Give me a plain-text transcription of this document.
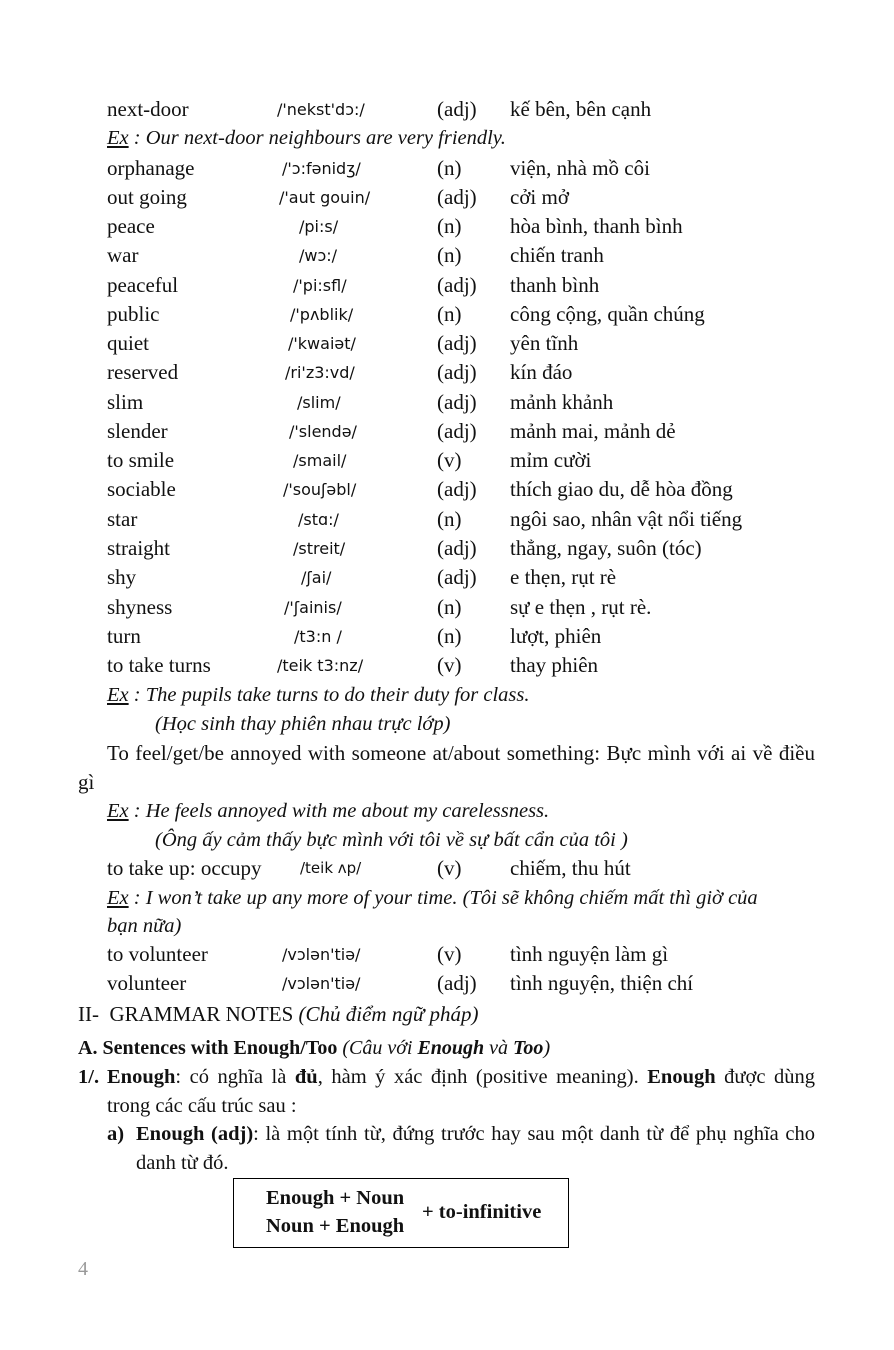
next-door	/'nekst'dɔ:/	(adj) kế bên, bên cạnh
orphanage	/'ɔ:fənidʒ/	(n) viện, nhà mồ côi
out going	/'aut gouin/	(adj) cởi mở
peace	/pi:s/	(n) hòa bình, thanh bình
war	/wɔ:/	(n) chiến tranh
peaceful	/'pi:sfl/	(adj) thanh bình
public	/'pʌblik/	(n) công cộng, quần chúng
quiet	/'kwaiət/	(adj) yên tĩnh
reserved	/ri'z3:vd/	(adj) kín đáo
slim	/slim/	(adj) mảnh khảnh
slender	/'slendə/	(adj) mảnh mai, mảnh dẻ
to smile	/smail/	(v) mỉm cười
sociable	/'souʃəbl/	(adj) thích giao du, dễ hòa đồng
star	/stɑ:/	(n) ngôi sao, nhân vật nổi tiếng
straight	/streit/	(adj) thẳng, ngay, suôn (tóc)
shy	/ʃai/	(adj) e thẹn, rụt rè
shyness	/'ʃainis/	(n) sự e thẹn , rụt rè.
turn	/t3:n /	(n) lượt, phiên
to take turns	/teik t3:nz/	(v) thay phiên
Ex : Our next-door neighbours are very friendly.
Ex : The pupils take turns to do their duty for class.
(Học sinh thay phiên nhau trực lớp)
To feel/get/be annoyed with someone at/about something: Bực mình với ai về điều gì
Ex : He feels annoyed with me about my carelessness.
(Ông ấy cảm thấy bực mình với tôi về sự bất cẩn của tôi )
Ex : I won’t take up any more of your time. (Tôi sẽ không chiếm mất thì giờ của
bạn nữa)
to take up: occupy	/teik ʌp/	(v) chiếm, thu hút
to volunteer	/vɔlən'tiə/	(v) tình nguyện làm gì
volunteer	/vɔlən'tiə/	(adj) tình nguyện, thiện chí
II- GRAMMAR NOTES (Chủ điểm ngữ pháp)
A. Sentences with Enough/Too (Câu với Enough và Too)
1/. Enough: có nghĩa là đủ, hàm ý xác định (positive meaning). Enough được dùng trong các cấu trúc sau :
a) Enough (adj): là một tính từ, đứng trước hay sau một danh từ để phụ nghĩa cho danh từ đó.
Enough + Noun
Noun + Enough
+ to-infinitive
4
